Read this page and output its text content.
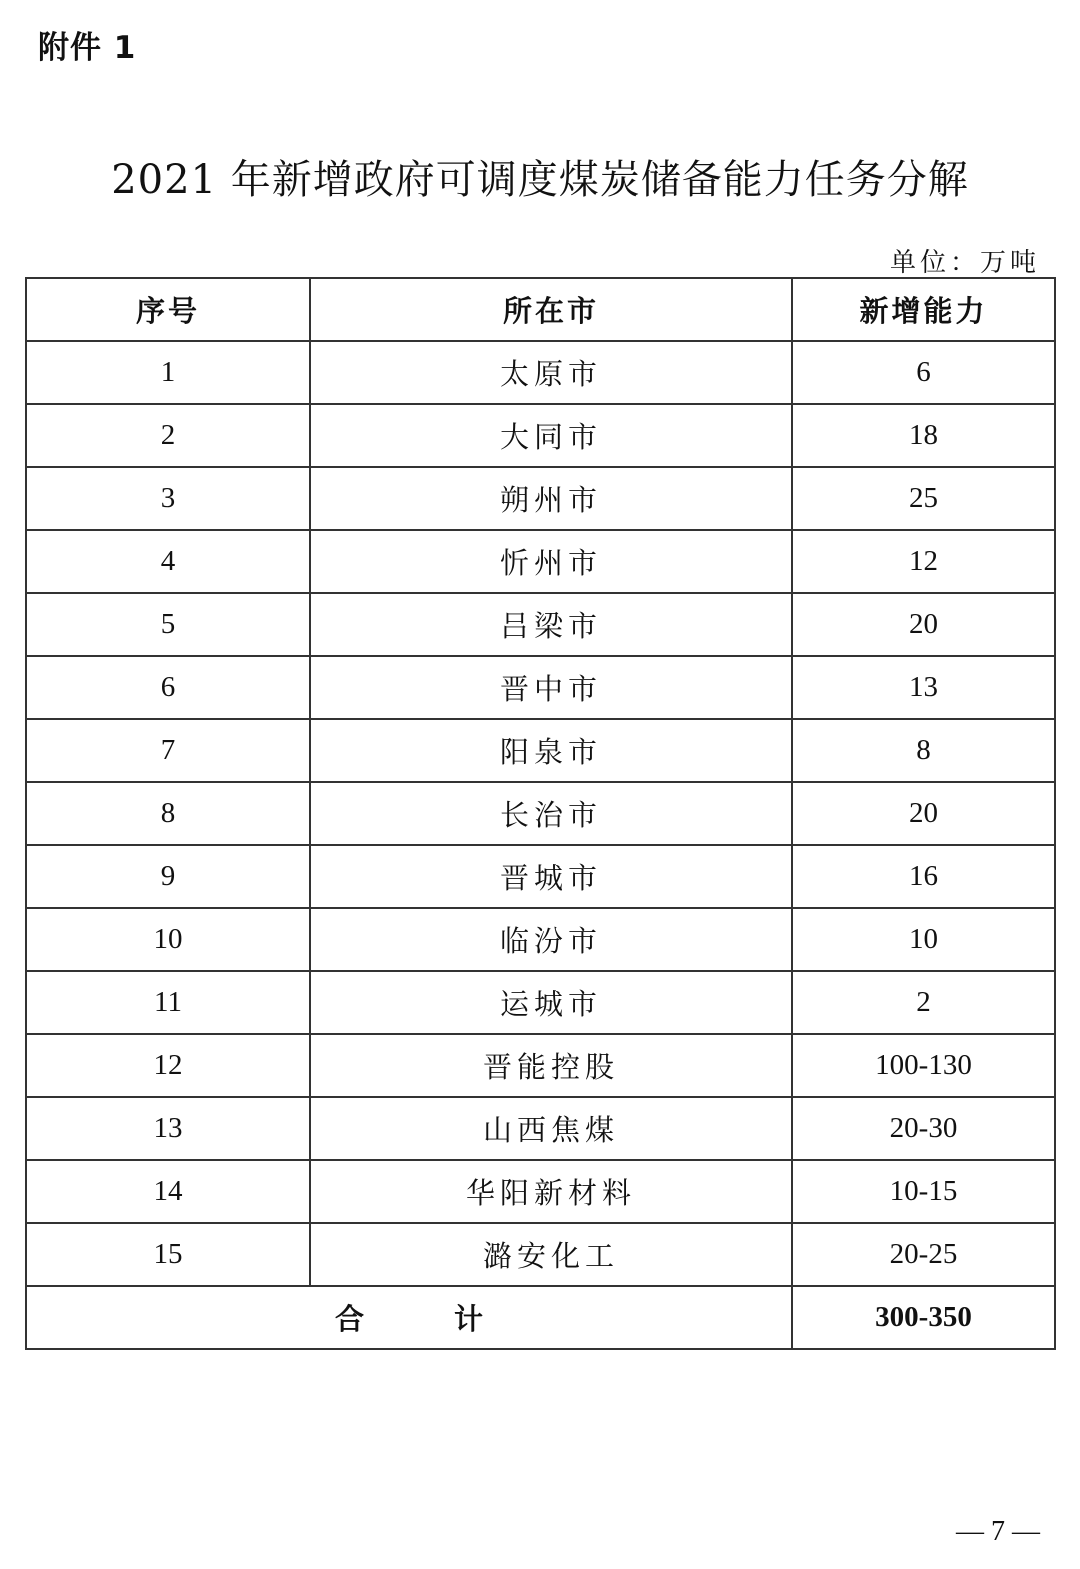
附件 1
2021 年新增政府可调度煤炭储备能力任务分解
单位：万吨
序号	所在市	新增能力
1	太原市	6
2	大同市	18
3	朔州市	25
4	忻州市	12
5	吕梁市	20
6	晋中市	13
7	阳泉市	8
8	长治市	20
9	晋城市	16
10	临汾市	10
11	运城市	2
12	晋能控股	100-130
13	山西焦煤	20-30
14	华阳新材料	10-15
15	潞安化工	20-25
合 计		300-350
— 7 —
